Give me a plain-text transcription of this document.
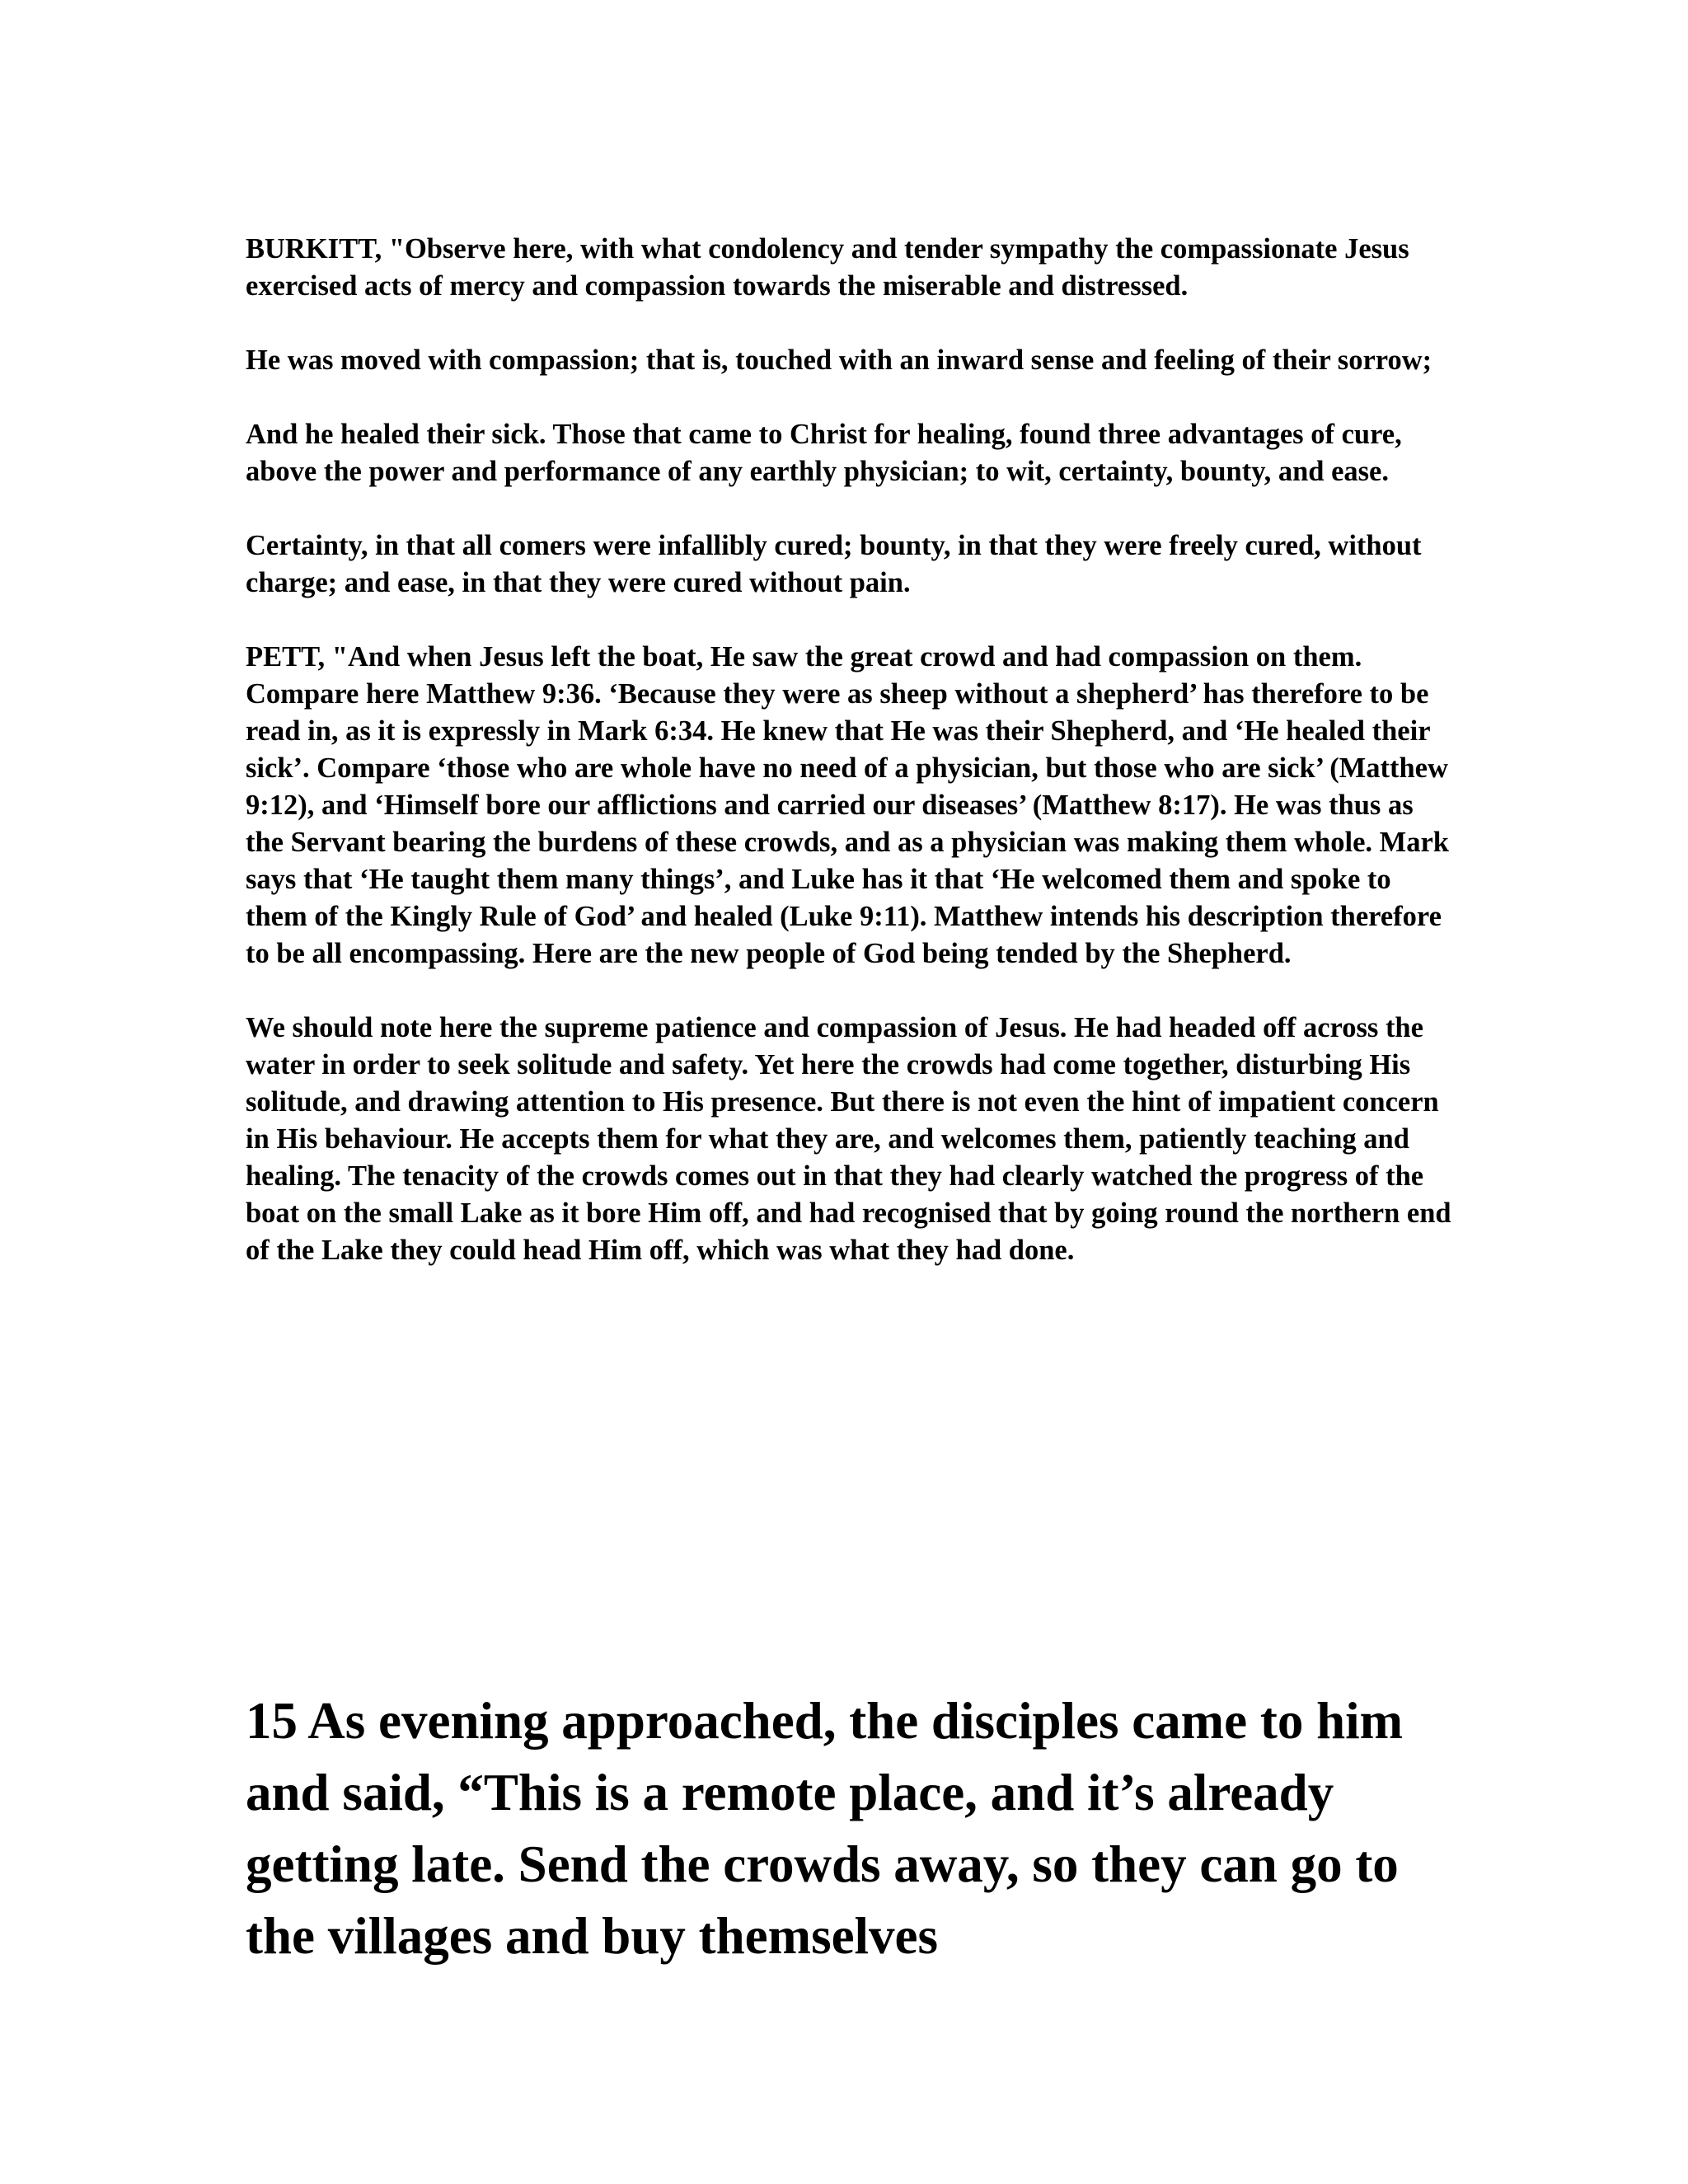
BURKITT, "Observe here, with what condolency and tender sympathy the compassionate Jesus exercised acts of mercy and compassion towards the miserable and distressed.

He was moved with compassion; that is, touched with an inward sense and feeling of their sorrow;

And he healed their sick. Those that came to Christ for healing, found three advantages of cure, above the power and performance of any earthly physician; to wit, certainty, bounty, and ease.

Certainty, in that all comers were infallibly cured; bounty, in that they were freely cured, without charge; and ease, in that they were cured without pain.

PETT, "And when Jesus left the boat, He saw the great crowd and had compassion on them. Compare here Matthew 9:36. ‘Because they were as sheep without a shepherd’ has therefore to be read in, as it is expressly in Mark 6:34. He knew that He was their Shepherd, and ‘He healed their sick’. Compare ‘those who are whole have no need of a physician, but those who are sick’ (Matthew 9:12), and ‘Himself bore our afflictions and carried our diseases’ (Matthew 8:17). He was thus as the Servant bearing the burdens of these crowds, and as a physician was making them whole. Mark says that ‘He taught them many things’, and Luke has it that ‘He welcomed them and spoke to them of the Kingly Rule of God’ and healed (Luke 9:11). Matthew intends his description therefore to be all encompassing. Here are the new people of God being tended by the Shepherd.

We should note here the supreme patience and compassion of Jesus. He had headed off across the water in order to seek solitude and safety. Yet here the crowds had come together, disturbing His solitude, and drawing attention to His presence. But there is not even the hint of impatient concern in His behaviour. He accepts them for what they are, and welcomes them, patiently teaching and healing. The tenacity of the crowds comes out in that they had clearly watched the progress of the boat on the small Lake as it bore Him off, and had recognised that by going round the northern end of the Lake they could head Him off, which was what they had done.

15 As evening approached, the disciples came to him and said, “This is a remote place, and it’s already getting late. Send the crowds away, so they can go to the villages and buy themselves
